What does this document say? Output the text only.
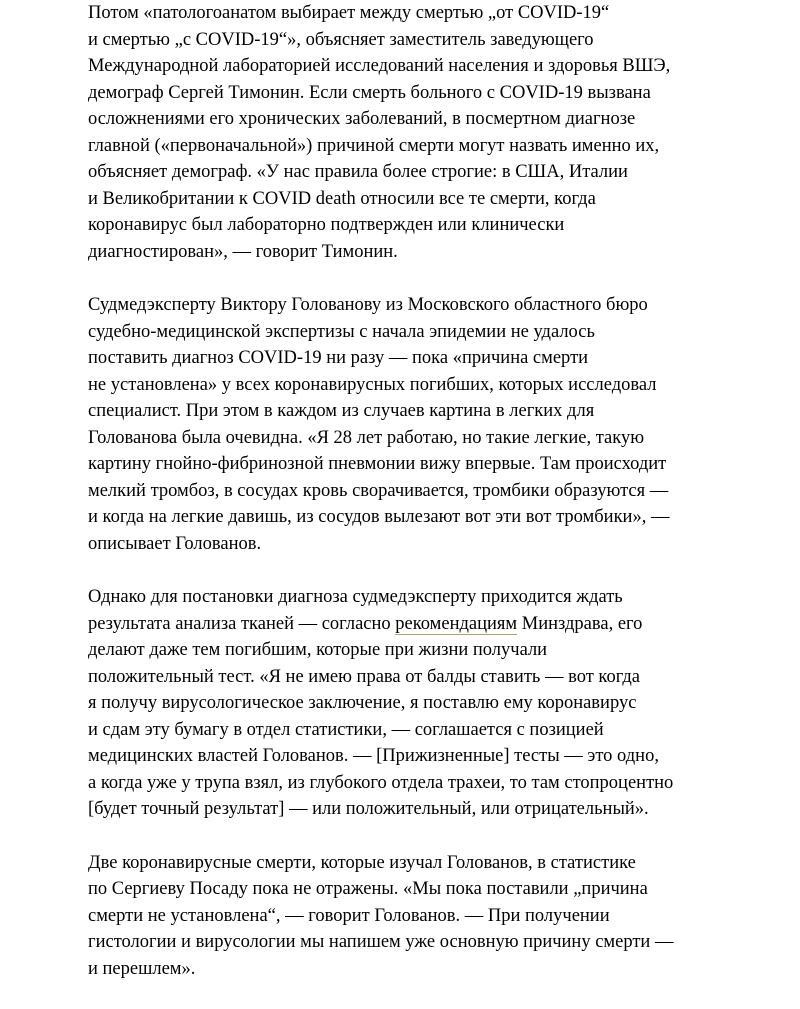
Потом «патологоанатом выбирает между смертью „от COVID-19“
и смертью „с COVID-19“», объясняет заместитель заведующего
Международной лабораторией исследований населения и здоровья ВШЭ,
демограф Сергей Тимонин. Если смерть больного с COVID-19 вызвана
осложнениями его хронических заболеваний, в посмертном диагнозе
главной («первоначальной») причиной смерти могут назвать именно их,
объясняет демограф. «У нас правила более строгие: в США, Италии
и Великобритании к COVID death относили все те смерти, когда
коронавирус был лабораторно подтвержден или клинически
диагностирован», — говорит Тимонин.

Судмедэксперту Виктору Голованову из Московского областного бюро
судебно-медицинской экспертизы с начала эпидемии не удалось
поставить диагноз COVID-19 ни разу — пока «причина смерти
не установлена» у всех коронавирусных погибших, которых исследовал
специалист. При этом в каждом из случаев картина в легких для
Голованова была очевидна. «Я 28 лет работаю, но такие легкие, такую
картину гнойно-фибринозной пневмонии вижу впервые. Там происходит
мелкий тромбоз, в сосудах кровь сворачивается, тромбики образуются —
и когда на легкие давишь, из сосудов вылезают вот эти вот тромбики», —
описывает Голованов.

Однако для постановки диагноза судмедэксперту приходится ждать
результата анализа тканей — согласно рекомендациям Минздрава, его
делают даже тем погибшим, которые при жизни получали
положительный тест. «Я не имею права от балды ставить — вот когда
я получу вирусологическое заключение, я поставлю ему коронавирус
и сдам эту бумагу в отдел статистики, — соглашается с позицией
медицинских властей Голованов. — [Прижизненные] тесты — это одно,
а когда уже у трупа взял, из глубокого отдела трахеи, то там стопроцентно
[будет точный результат] — или положительный, или отрицательный».

Две коронавирусные смерти, которые изучал Голованов, в статистике
по Сергиеву Посаду пока не отражены. «Мы пока поставили „причина
смерти не установлена“, — говорит Голованов. — При получении
гистологии и вирусологии мы напишем уже основную причину смерти —
и перешлем».
